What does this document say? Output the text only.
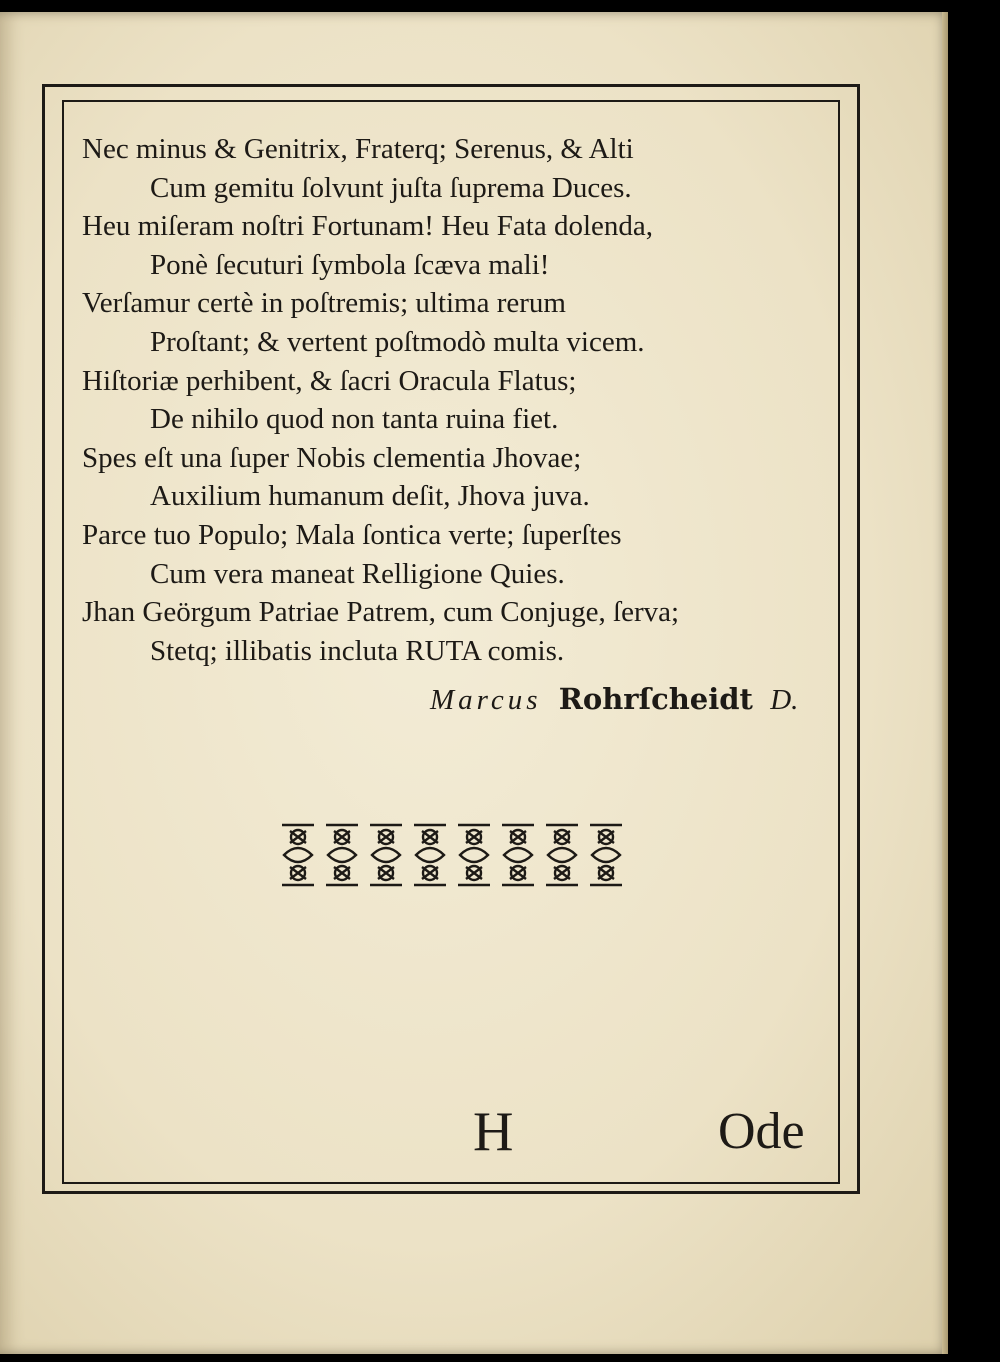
Nec minus & Genitrix, Fraterq; Serenus, & Alti

Cum gemitu ſolvunt juſta ſuprema Duces.

Heu miſeram noſtri Fortunam! Heu Fata dolenda,

Ponè ſecuturi ſymbola ſcæva mali!

Verſamur certè in poſtremis; ultima rerum

Proſtant; & vertent poſtmodò multa vicem.

Hiſtoriæ perhibent, & ſacri Oracula Flatus;

De nihilo quod non tanta ruina fiet.

Spes eſt una ſuper Nobis clementia Jhovae;

Auxilium humanum deſit, Jhova juva.

Parce tuo Populo; Mala ſontica verte; ſuperſtes

Cum vera maneat Relligione Quies.

Jhan Geörgum Patriae Patrem, cum Conjuge, ſerva;

Stetq; illibatis incluta RUTA comis.

Marcus Rohrſcheidt D.
H	Ode
